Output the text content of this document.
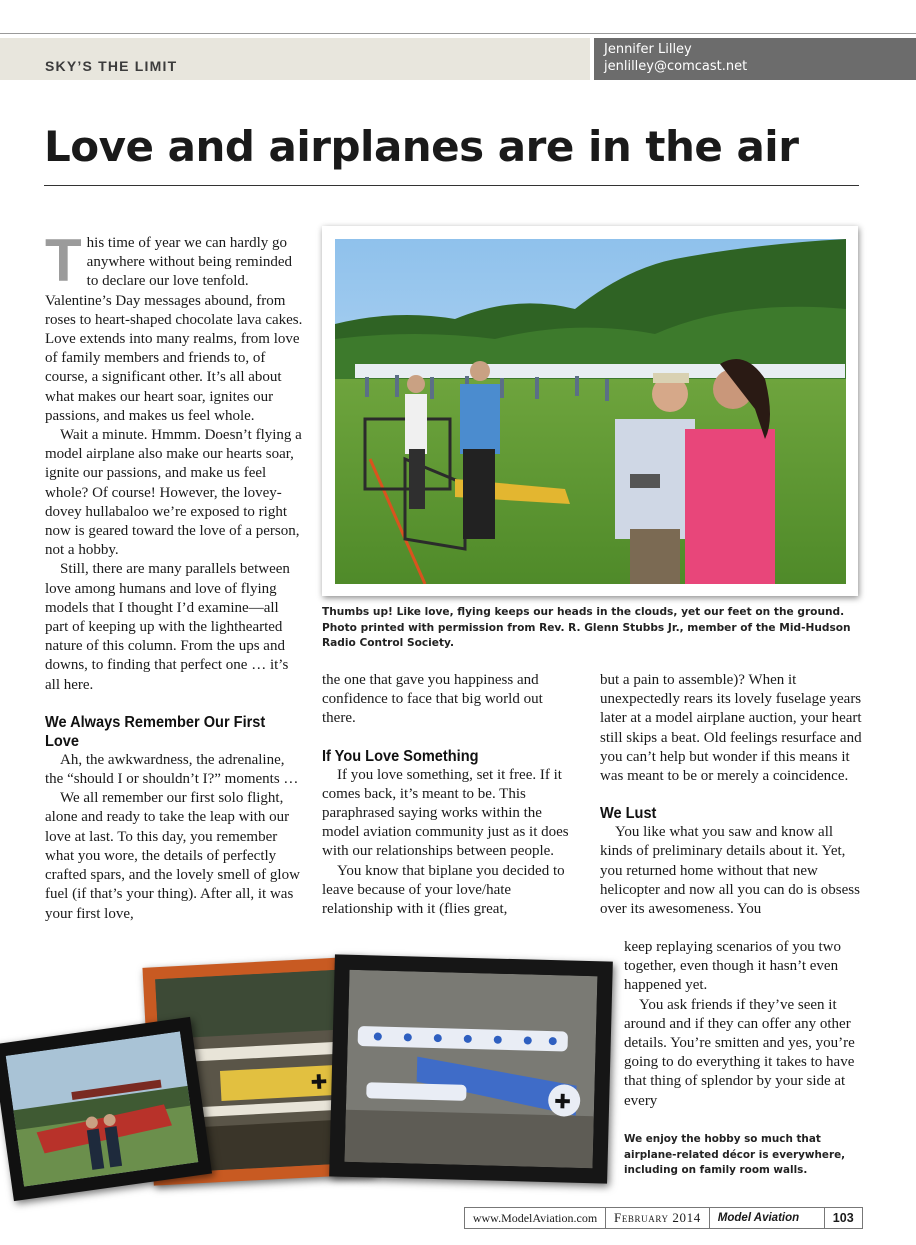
SKY’S THE LIMIT
Jennifer Lilley
jenlilley@comcast.net
Love and airplanes are in the air

This time of year we can hardly go anywhere without being reminded to declare our love tenfold. Valentine’s Day messages abound, from roses to heart-shaped chocolate lava cakes. Love extends into many realms, from love of family members and friends to, of course, a significant other. It’s all about what makes our heart soar, ignites our passions, and makes us feel whole.

Wait a minute. Hmmm. Doesn’t flying a model airplane also make our hearts soar, ignite our passions, and make us feel whole? Of course! However, the lovey-dovey hullabaloo we’re exposed to right now is geared toward the love of a person, not a hobby.

Still, there are many parallels between love among humans and love of flying models that I thought I’d examine—all part of keeping up with the lighthearted nature of this column. From the ups and downs, to finding that perfect one … it’s all here.

We Always Remember Our First Love

Ah, the awkwardness, the adrenaline, the “should I or shouldn’t I?” moments …

We all remember our first solo flight, alone and ready to take the leap with our love at last. To this day, you remember what you wore, the details of perfectly crafted spars, and the lovely smell of glow fuel (if that’s your thing). After all, it was your first love,

Thumbs up! Like love, flying keeps our heads in the clouds, yet our feet on the ground. Photo printed with permission from Rev. R. Glenn Stubbs Jr., member of the Mid-Hudson Radio Control Society.

the one that gave you happiness and confidence to face that big world out there.

If You Love Something

If you love something, set it free. If it comes back, it’s meant to be. This paraphrased saying works within the model aviation community just as it does with our relationships between people.

You know that biplane you decided to leave because of your love/hate relationship with it (flies great,

but a pain to assemble)? When it unexpectedly rears its lovely fuselage years later at a model airplane auction, your heart still skips a beat. Old feelings resurface and you can’t help but wonder if this means it was meant to be or merely a coincidence.

We Lust

You like what you saw and know all kinds of preliminary details about it. Yet, you returned home without that new helicopter and now all you can do is obsess over its awesomeness. You

keep replaying scenarios of you two together, even though it hasn’t even happened yet.

You ask friends if they’ve seen it around and if they can offer any other details. You’re smitten and yes, you’re going to do everything it takes to have that thing of splendor by your side at every

✚
✚
We enjoy the hobby so much that airplane-related décor is everywhere, including on family room walls.
www.ModelAviation.com	February 2014	Model Aviation	103
